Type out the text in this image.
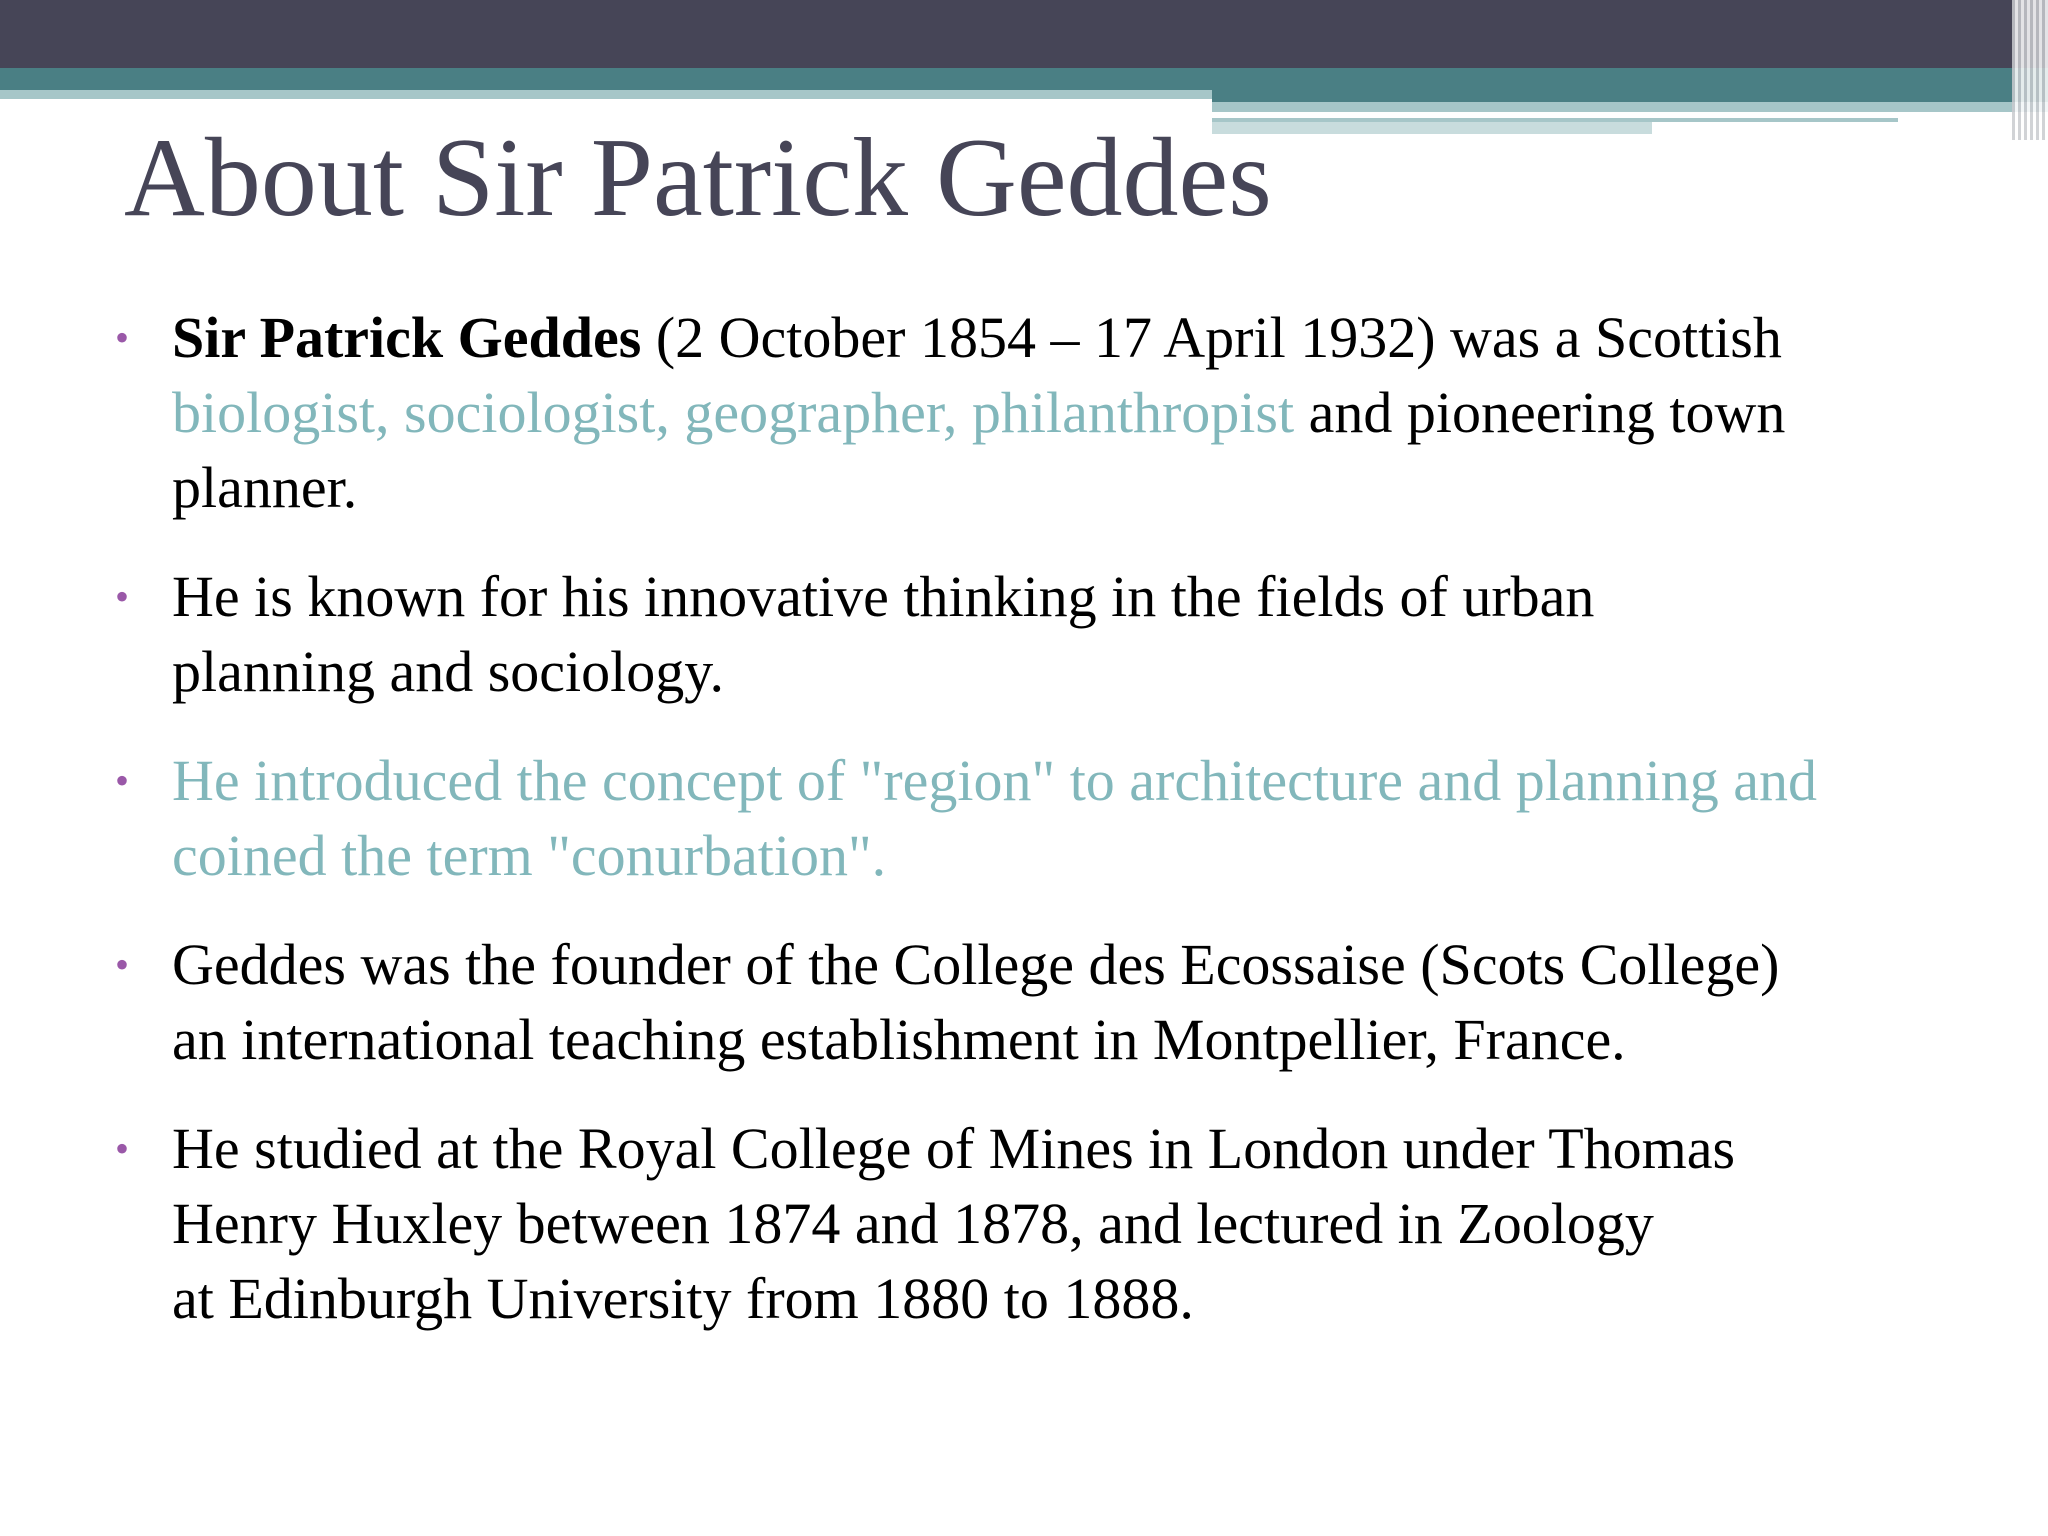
About Sir Patrick Geddes
• Sir Patrick Geddes (2 October 1854 – 17 April 1932) was a Scottish
biologist, sociologist, geographer, philanthropist and pioneering town
planner.
• He is known for his innovative thinking in the fields of urban
planning and sociology.
• He introduced the concept of "region" to architecture and planning and
coined the term "conurbation".
• Geddes was the founder of the College des Ecossaise (Scots College)
an international teaching establishment in Montpellier, France.
• He studied at the Royal College of Mines in London under Thomas
Henry Huxley between 1874 and 1878, and lectured in Zoology
at Edinburgh University from 1880 to 1888.
